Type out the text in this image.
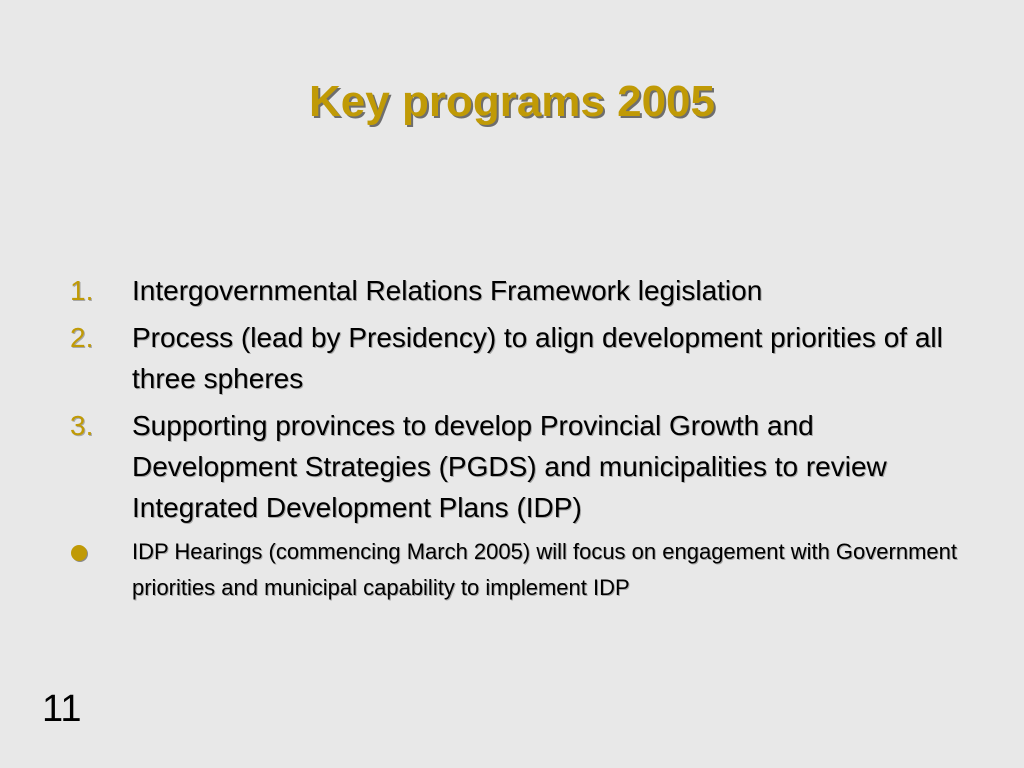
Key programs 2005
1. Intergovernmental Relations Framework legislation
2. Process (lead by Presidency) to align development priorities of all three spheres
3. Supporting provinces to develop Provincial Growth and Development Strategies (PGDS) and municipalities to review Integrated Development Plans (IDP)
IDP Hearings (commencing March 2005) will focus on engagement with Government priorities and municipal capability to implement IDP
11
